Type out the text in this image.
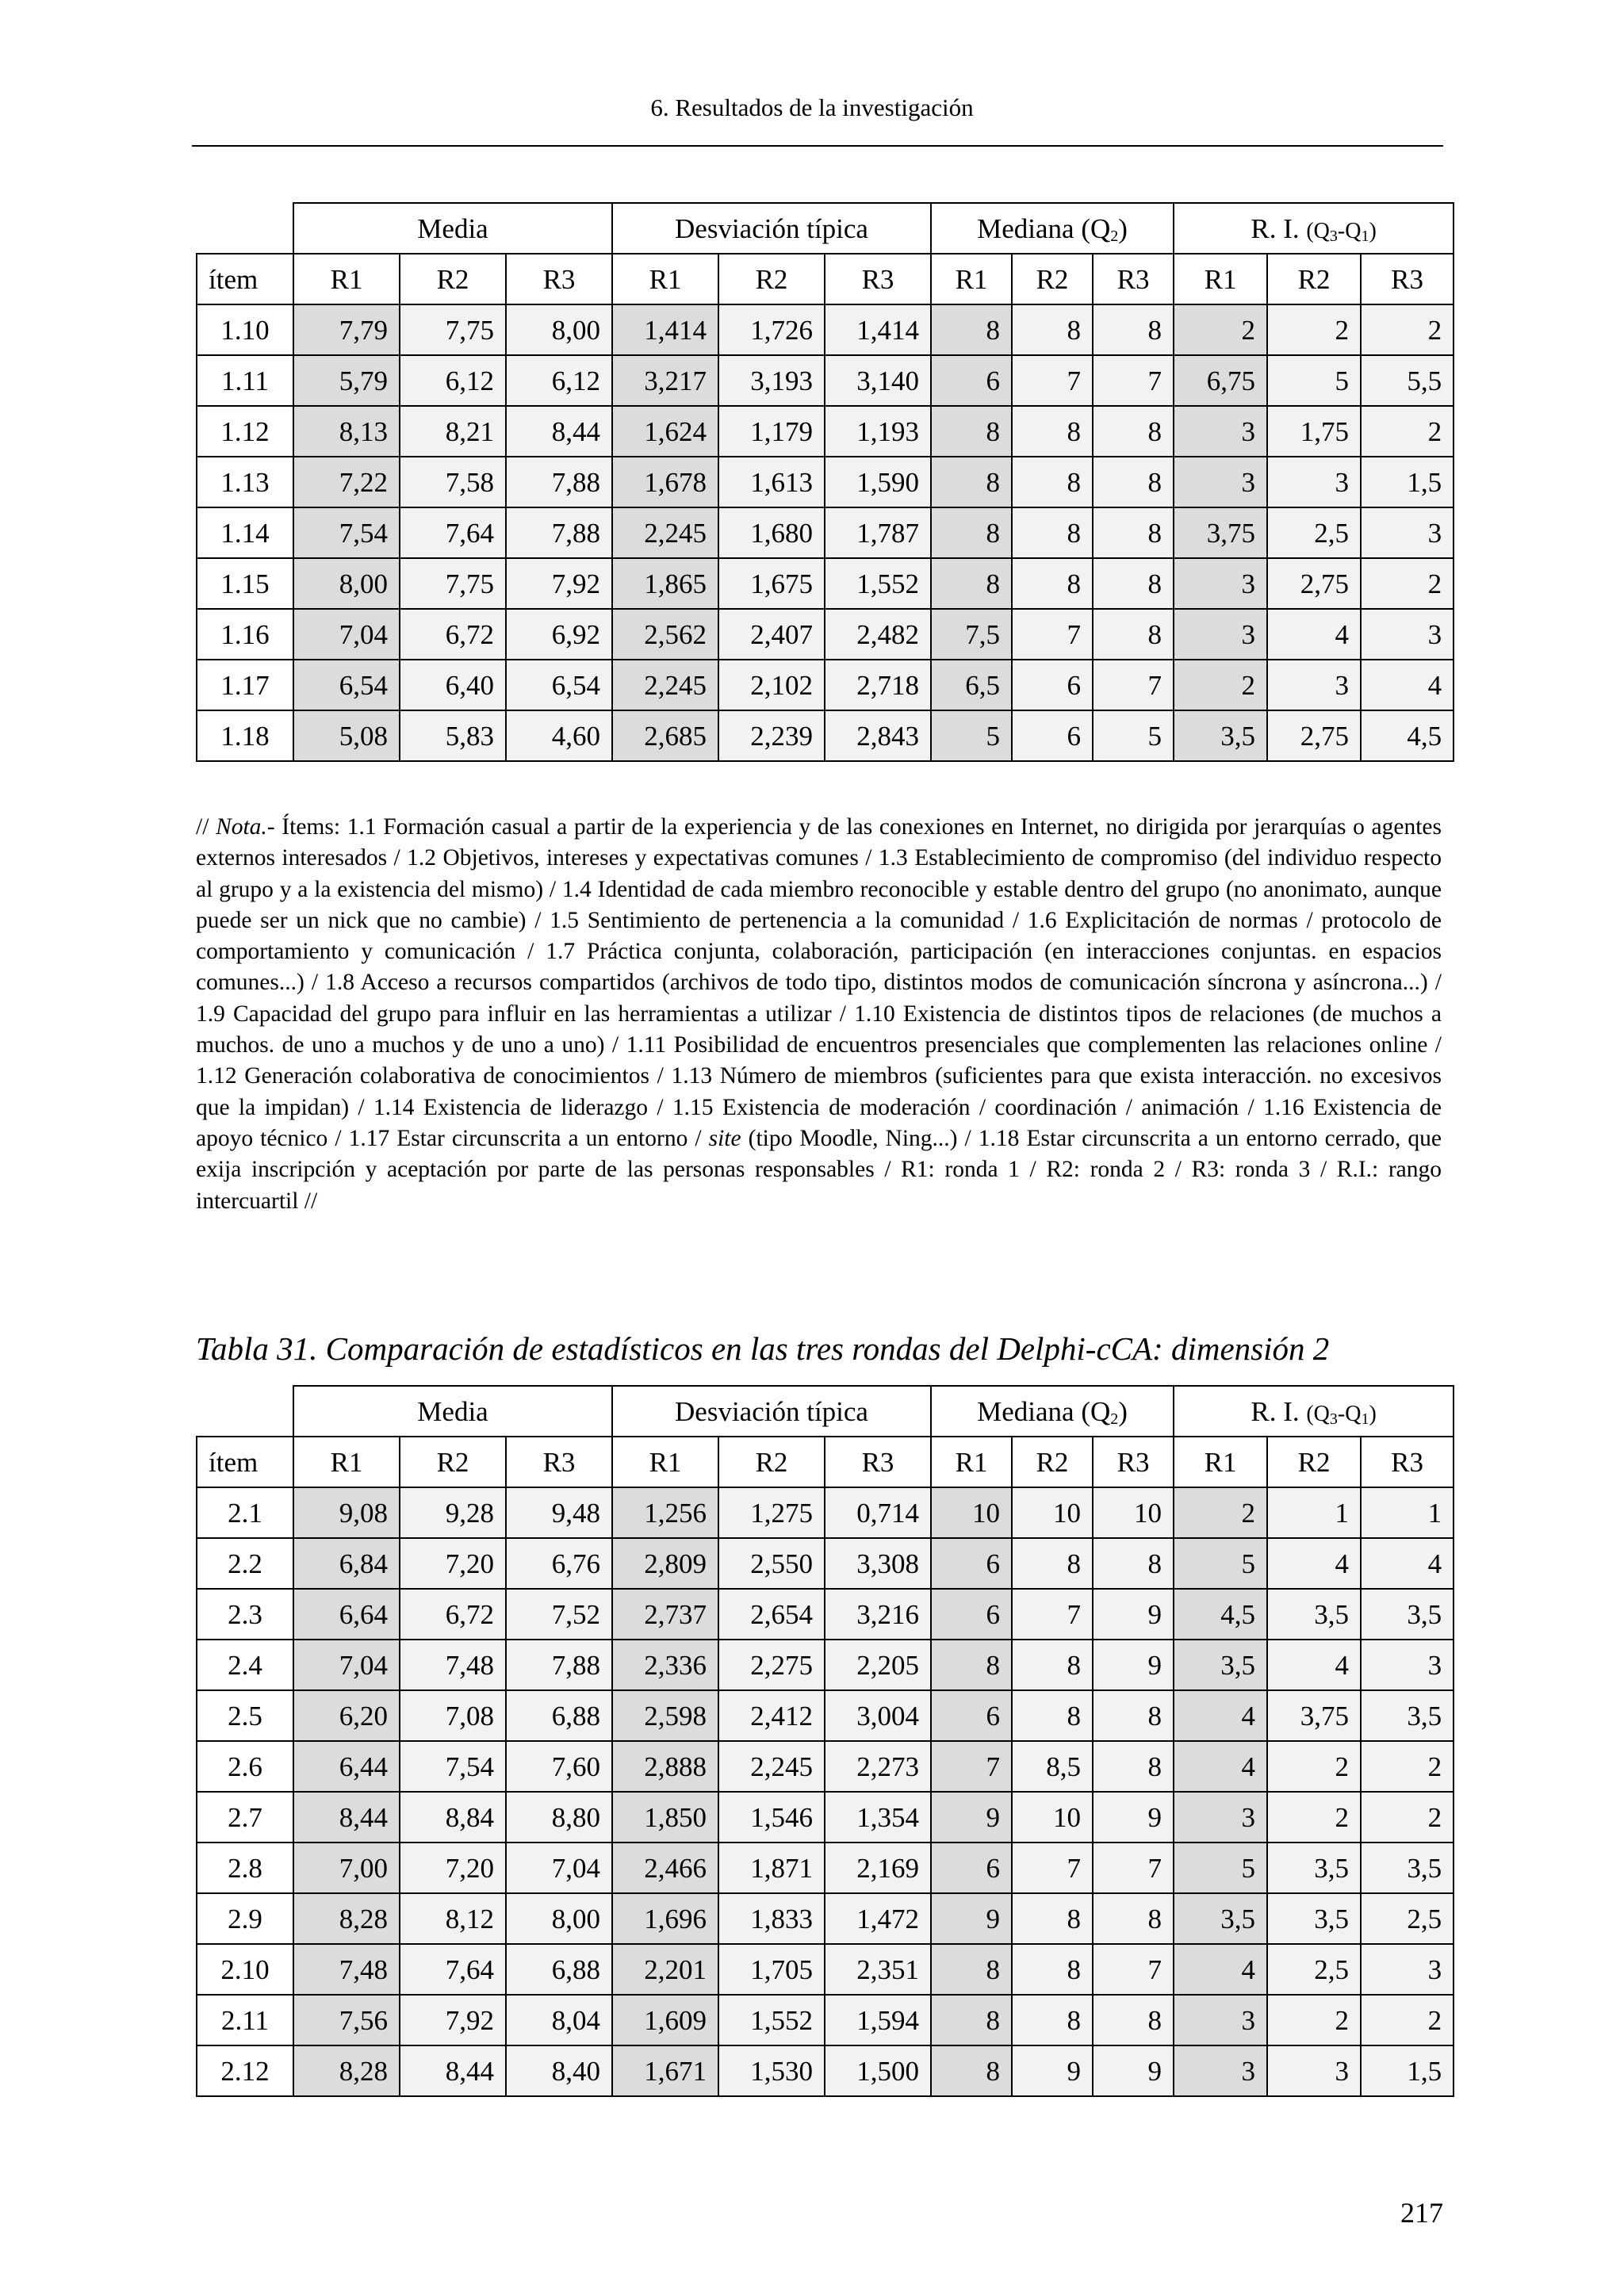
6. Resultados de la investigación
	Media			Desviación típica			Mediana $(Q_2)$			R. I. $(Q_3-Q_1)$		
ítem	R1	R2	R3	R1	R2	R3	R1	R2	R3	R1	R2	R3
1.10	7,79	7,75	8,00	1,414	1,726	1,414	8	8	8	2	2	2
1.11	5,79	6,12	6,12	3,217	3,193	3,140	6	7	7	6,75	5	5,5
1.12	8,13	8,21	8,44	1,624	1,179	1,193	8	8	8	3	1,75	2
1.13	7,22	7,58	7,88	1,678	1,613	1,590	8	8	8	3	3	1,5
1.14	7,54	7,64	7,88	2,245	1,680	1,787	8	8	8	3,75	2,5	3
1.15	8,00	7,75	7,92	1,865	1,675	1,552	8	8	8	3	2,75	2
1.16	7,04	6,72	6,92	2,562	2,407	2,482	7,5	7	8	3	4	3
1.17	6,54	6,40	6,54	2,245	2,102	2,718	6,5	6	7	2	3	4
1.18	5,08	5,83	4,60	2,685	2,239	2,843	5	6	5	3,5	2,75	4,5
// Nota.- Ítems: 1.1 Formación casual a partir de la experiencia y de las conexiones en Internet, no dirigida por jerarquías o agentes externos interesados / 1.2 Objetivos, intereses y expectativas comunes / 1.3 Establecimiento de compromiso (del individuo respecto al grupo y a la existencia del mismo) / 1.4 Identidad de cada miembro reconocible y estable dentro del grupo (no anonimato, aunque puede ser un nick que no cambie) / 1.5 Sentimiento de pertenencia a la comunidad / 1.6 Explicitación de normas / protocolo de comportamiento y comunicación / 1.7 Práctica conjunta, colaboración, participación (en interacciones conjuntas. en espacios comunes...) / 1.8 Acceso a recursos compartidos (archivos de todo tipo, distintos modos de comunicación síncrona y asíncrona...) / 1.9 Capacidad del grupo para influir en las herramientas a utilizar / 1.10 Existencia de distintos tipos de relaciones (de muchos a muchos. de uno a muchos y de uno a uno) / 1.11 Posibilidad de encuentros presenciales que complementen las relaciones online / 1.12 Generación colaborativa de conocimientos / 1.13 Número de miembros (suficientes para que exista interacción. no excesivos que la impidan) / 1.14 Existencia de liderazgo / 1.15 Existencia de moderación / coordinación / animación / 1.16 Existencia de apoyo técnico / 1.17 Estar circunscrita a un entorno / site (tipo Moodle, Ning...) / 1.18 Estar circunscrita a un entorno cerrado, que exija inscripción y aceptación por parte de las personas responsables / R1: ronda 1 / R2: ronda 2 / R3: ronda 3 / R.I.: rango intercuartil //
Tabla 31. Comparación de estadísticos en las tres rondas del Delphi-cCA: dimensión 2
	Media			Desviación típica			Mediana $(Q_2)$			R. I. $(Q_3-Q_1)$		
ítem	R1	R2	R3	R1	R2	R3	R1	R2	R3	R1	R2	R3
2.1	9,08	9,28	9,48	1,256	1,275	0,714	10	10	10	2	1	1
2.2	6,84	7,20	6,76	2,809	2,550	3,308	6	8	8	5	4	4
2.3	6,64	6,72	7,52	2,737	2,654	3,216	6	7	9	4,5	3,5	3,5
2.4	7,04	7,48	7,88	2,336	2,275	2,205	8	8	9	3,5	4	3
2.5	6,20	7,08	6,88	2,598	2,412	3,004	6	8	8	4	3,75	3,5
2.6	6,44	7,54	7,60	2,888	2,245	2,273	7	8,5	8	4	2	2
2.7	8,44	8,84	8,80	1,850	1,546	1,354	9	10	9	3	2	2
2.8	7,00	7,20	7,04	2,466	1,871	2,169	6	7	7	5	3,5	3,5
2.9	8,28	8,12	8,00	1,696	1,833	1,472	9	8	8	3,5	3,5	2,5
2.10	7,48	7,64	6,88	2,201	1,705	2,351	8	8	7	4	2,5	3
2.11	7,56	7,92	8,04	1,609	1,552	1,594	8	8	8	3	2	2
2.12	8,28	8,44	8,40	1,671	1,530	1,500	8	9	9	3	3	1,5
217
